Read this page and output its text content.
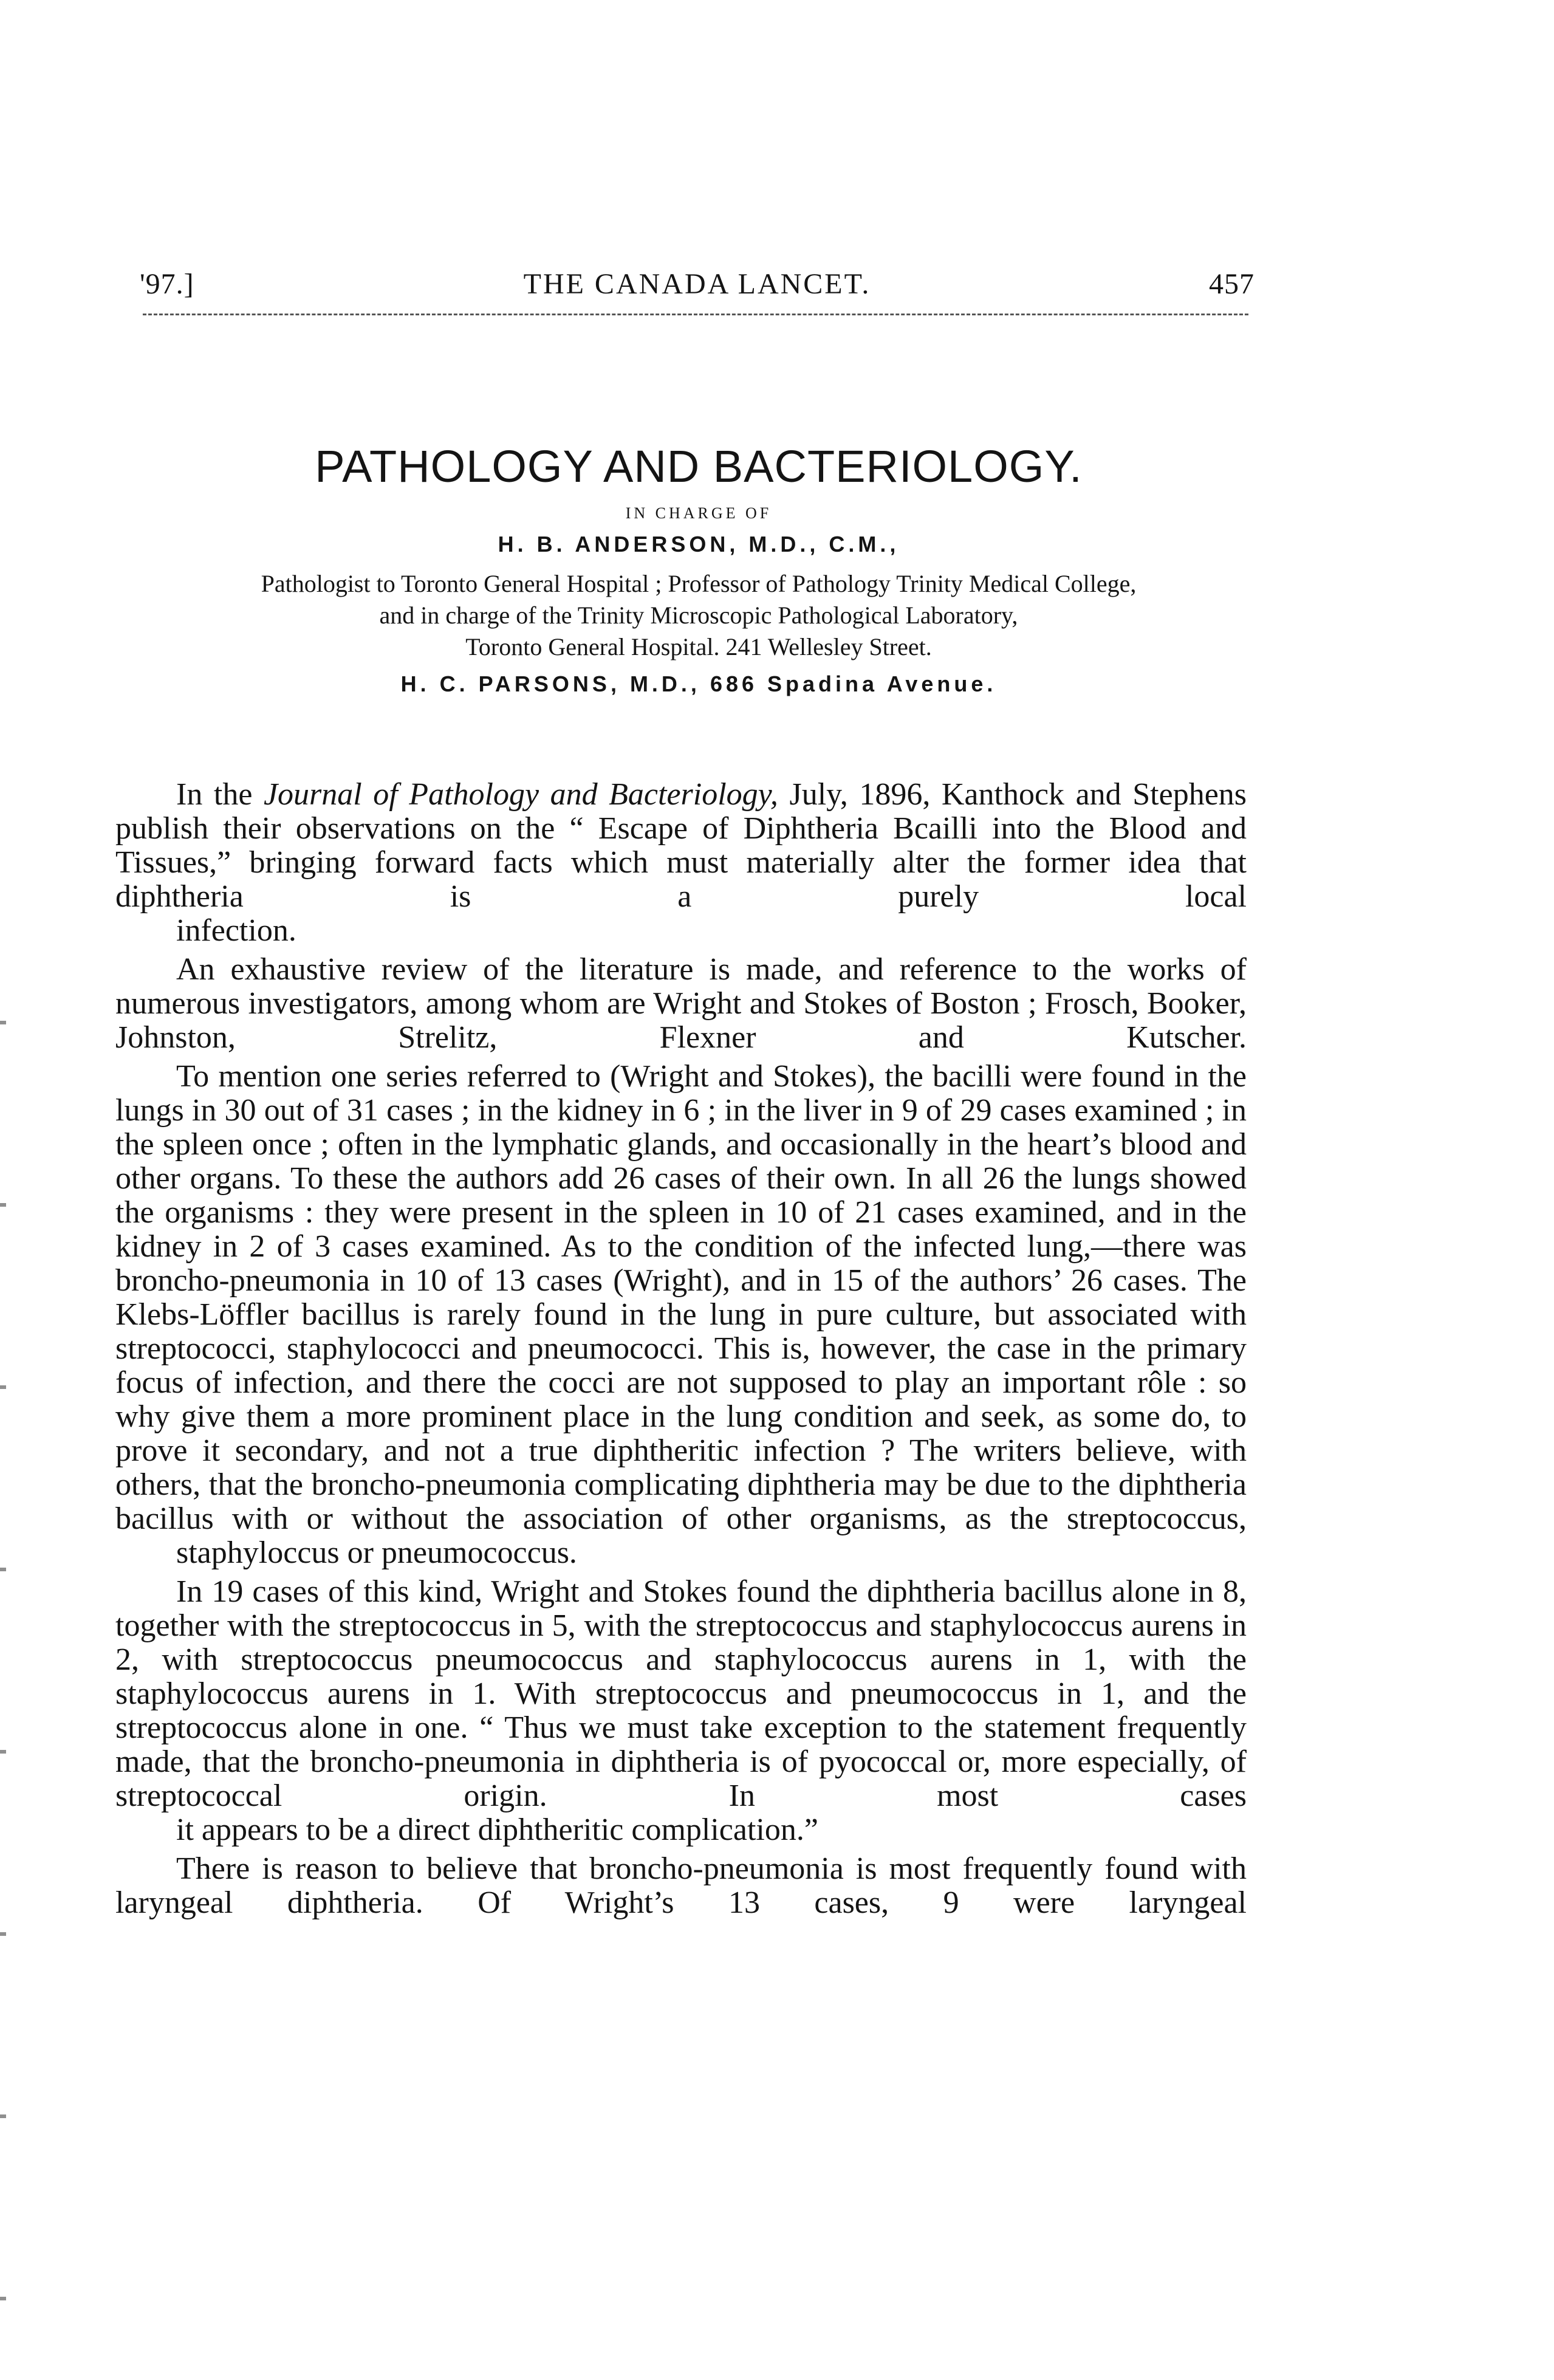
'97.]	THE CANADA LANCET.	457
PATHOLOGY AND BACTERIOLOGY.
IN CHARGE OF
H. B. ANDERSON, M.D., C.M.,
Pathologist to Toronto General Hospital ; Professor of Pathology Trinity Medical College,
and in charge of the Trinity Microscopic Pathological Laboratory,
Toronto General Hospital. 241 Wellesley Street.
H. C. PARSONS, M.D., 686 Spadina Avenue.

In the Journal of Pathology and Bacteriology, July, 1896, Kanthock and Stephens publish their observations on the “ Escape of Diphtheria Bcailli into the Blood and Tissues,” bringing forward facts which must materially alter the former idea that diphtheria is a purely local
infection.

An exhaustive review of the literature is made, and reference to the works of numerous investigators, among whom are Wright and Stokes of Boston ; Frosch, Booker, Johnston, Strelitz, Flexner and Kutscher.

To mention one series referred to (Wright and Stokes), the bacilli were found in the lungs in 30 out of 31 cases ; in the kidney in 6 ; in the liver in 9 of 29 cases examined ; in the spleen once ; often in the lymphatic glands, and occasionally in the heart’s blood and other organs. To these the authors add 26 cases of their own. In all 26 the lungs showed the organisms : they were present in the spleen in 10 of 21 cases examined, and in the kidney in 2 of 3 cases examined. As to the condition of the infected lung,—there was broncho-pneumonia in 10 of 13 cases (Wright), and in 15 of the authors’ 26 cases. The Klebs-Löffler bacillus is rarely found in the lung in pure culture, but associated with streptococci, staphylococci and pneumococci. This is, however, the case in the primary focus of infection, and there the cocci are not supposed to play an important rôle : so why give them a more prominent place in the lung condition and seek, as some do, to prove it secondary, and not a true diphtheritic infection ? The writers believe, with others, that the broncho-pneumonia complicating diphtheria may be due to the diphtheria bacillus with or without the association of other organisms, as the streptococcus,
staphyloccus or pneumococcus.

In 19 cases of this kind, Wright and Stokes found the diphtheria bacillus alone in 8, together with the streptococcus in 5, with the streptococcus and staphylococcus aurens in 2, with streptococcus pneumococcus and staphylococcus aurens in 1, with the staphylococcus aurens in 1. With streptococcus and pneumococcus in 1, and the streptococcus alone in one. “ Thus we must take exception to the statement frequently made, that the broncho-pneumonia in diphtheria is of pyococcal or, more especially, of streptococcal origin. In most cases
it appears to be a direct diphtheritic complication.”

There is reason to believe that broncho-pneumonia is most frequently found with laryngeal diphtheria. Of Wright’s 13 cases, 9 were laryngeal
